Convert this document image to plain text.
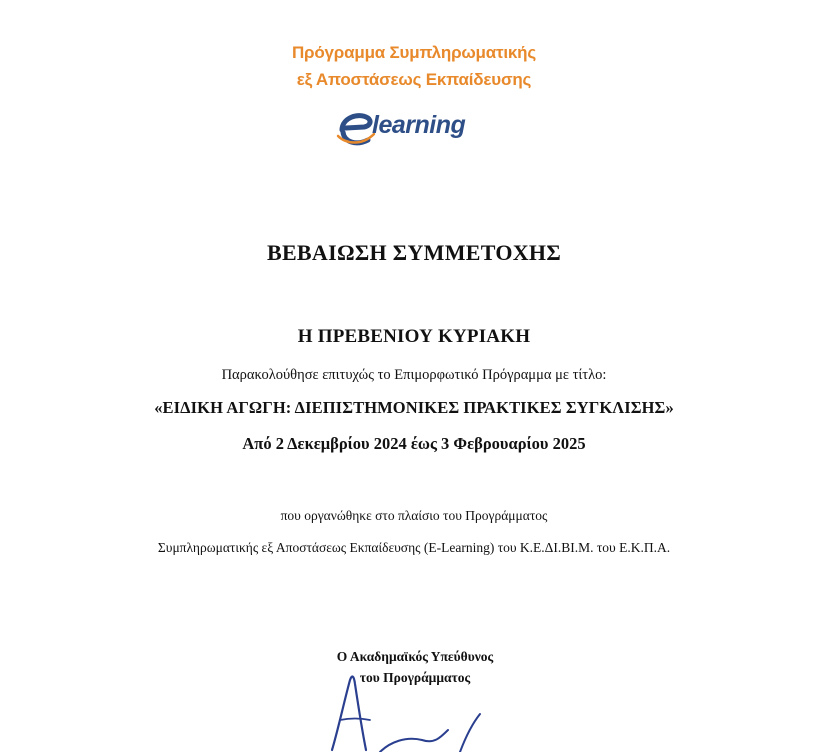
Πρόγραμμα Συμπληρωματικής
εξ Αποστάσεως Εκπαίδευσης
learning
ΒΕΒΑΙΩΣΗ ΣΥΜΜΕΤΟΧΗΣ
Η ΠΡΕΒΕΝΙΟΥ ΚΥΡΙΑΚΗ
Παρακολούθησε επιτυχώς το Επιμορφωτικό Πρόγραμμα με τίτλο:
«ΕΙΔΙΚΗ ΑΓΩΓΗ: ΔΙΕΠΙΣΤΗΜΟΝΙΚΕΣ ΠΡΑΚΤΙΚΕΣ ΣΥΓΚΛΙΣΗΣ»
Από 2 Δεκεμβρίου 2024 έως 3 Φεβρουαρίου 2025
που οργανώθηκε στο πλαίσιο του Προγράμματος
Συμπληρωματικής εξ Αποστάσεως Εκπαίδευσης (E-Learning) του Κ.Ε.ΔΙ.ΒΙ.Μ. του Ε.Κ.Π.Α.
Ο Ακαδημαϊκός Υπεύθυνος
του Προγράμματος
